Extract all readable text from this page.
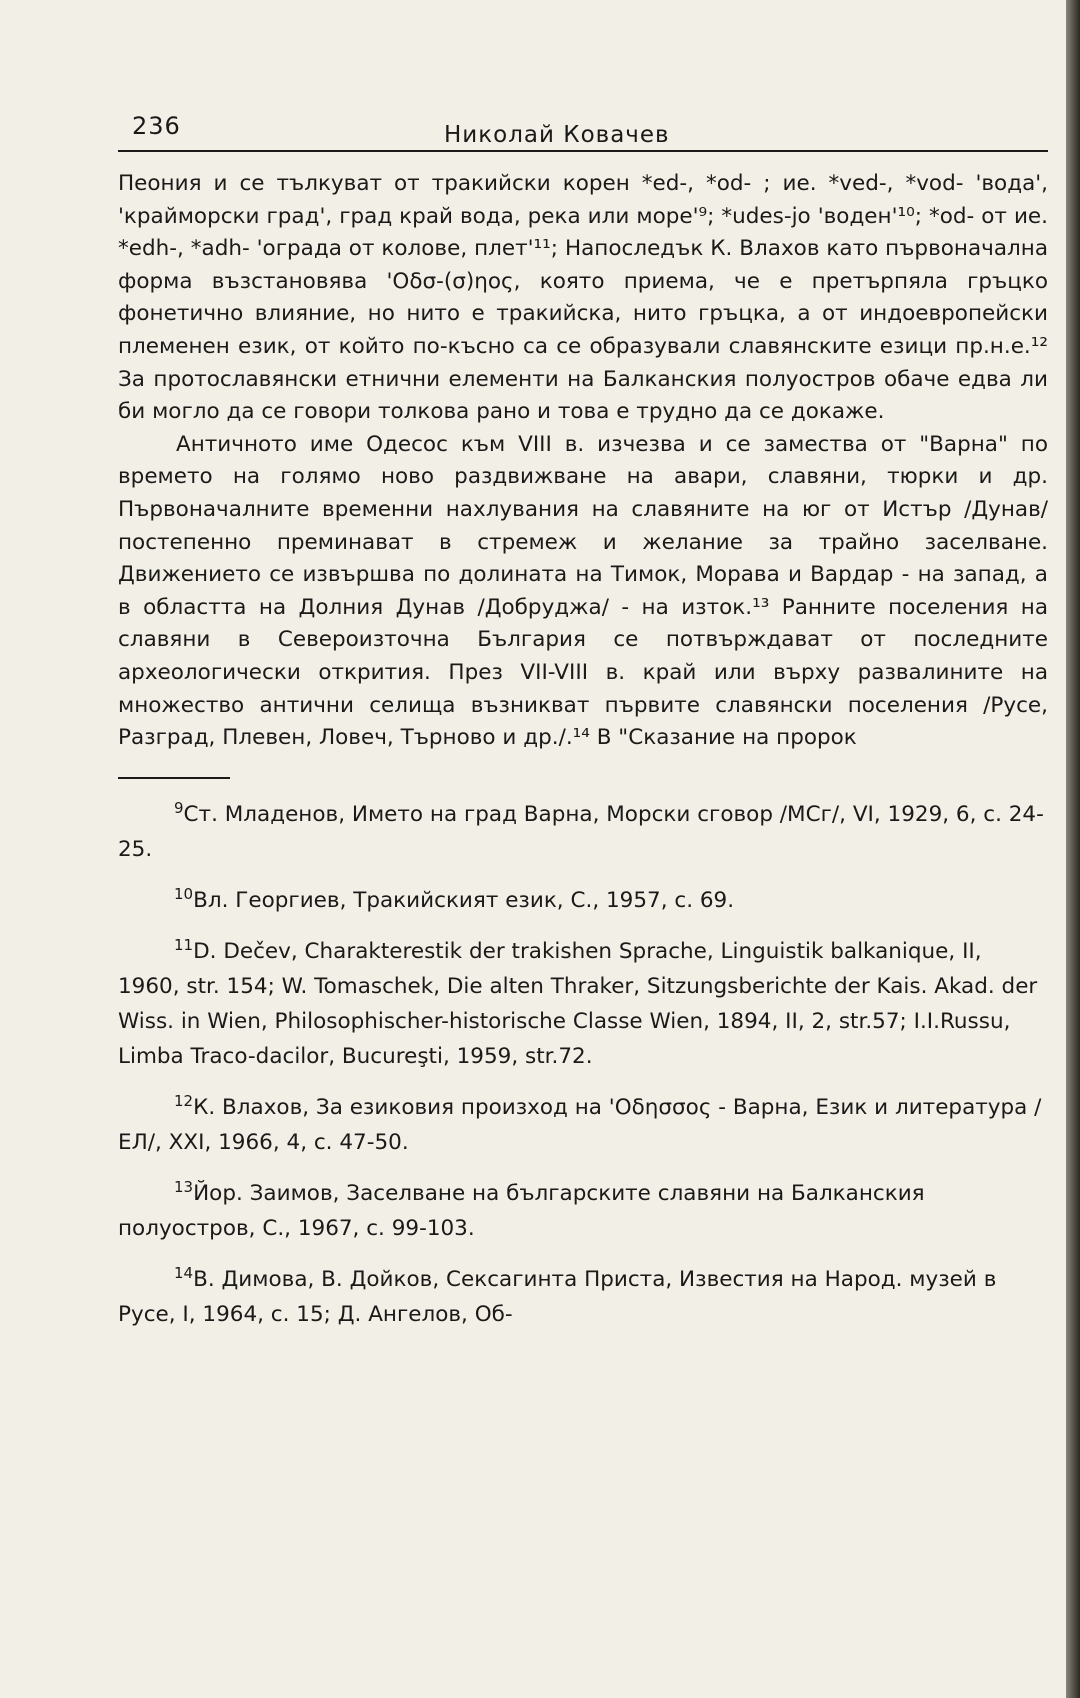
236	Николай Ковачев

Пеония и се тълкуват от тракийски корен *ed-, *od- ; ие. *ved-, *vod- 'вода', 'крайморски град', град край вода, река или море'⁹; *udes-jo 'воден'¹⁰; *od- от ие. *edh-, *adh- 'ограда от колове, плет'¹¹; Напоследък К. Влахов като първоначална форма възстановява 'Οδσ-(σ)ηος, която приема, че е претърпяла гръцко фонетично влияние, но нито е тракийска, нито гръцка, а от индоевропейски племенен език, от който по-късно са се образували славянските езици пр.н.е.¹² За протославянски етнични елементи на Балканския полуостров обаче едва ли би могло да се говори толкова рано и това е трудно да се докаже.

Античното име Одесос към VIII в. изчезва и се замества от "Варна" по времето на голямо ново раздвижване на авари, славяни, тюрки и др. Първоначалните временни нахлувания на славяните на юг от Истър /Дунав/ постепенно преминават в стремеж и желание за трайно заселване. Движението се извършва по долината на Тимок, Морава и Вардар - на запад, а в областта на Долния Дунав /Добруджа/ - на изток.¹³ Ранните поселения на славяни в Североизточна България се потвърждават от последните археологически открития. През VII-VIII в. край или върху развалините на множество антични селища възникват първите славянски поселения /Русе, Разград, Плевен, Ловеч, Търново и др./.¹⁴ В "Сказание на пророк

$^9$Ст. Младенов, Името на град Варна, Морски сговор /МСг/, VI, 1929, 6, с. 24-25.

$^{10}$Вл. Георгиев, Тракийският език, С., 1957, с. 69.

$^{11}$D. Dečev, Charakterestik der trakishen Sprache, Linguistik balkanique, II, 1960, str. 154; W. Tomaschek, Die alten Thraker, Sitzungsberichte der Kais. Akad. der Wiss. in Wien, Philosophischer-historische Classe Wien, 1894, II, 2, str.57; I.I.Russu, Limba Traco-dacilor, Bucureşti, 1959, str.72.

$^{12}$К. Влахов, За езиковия произход на 'Οδησσος - Варна, Език и литература /ЕЛ/, XXI, 1966, 4, с. 47-50.

$^{13}$Йор. Заимов, Заселване на българските славяни на Балканския полуостров, С., 1967, с. 99-103.

$^{14}$В. Димова, В. Дойков, Сексагинта Приста, Известия на Народ. музей в Русе, I, 1964, с. 15; Д. Ангелов, Об-
